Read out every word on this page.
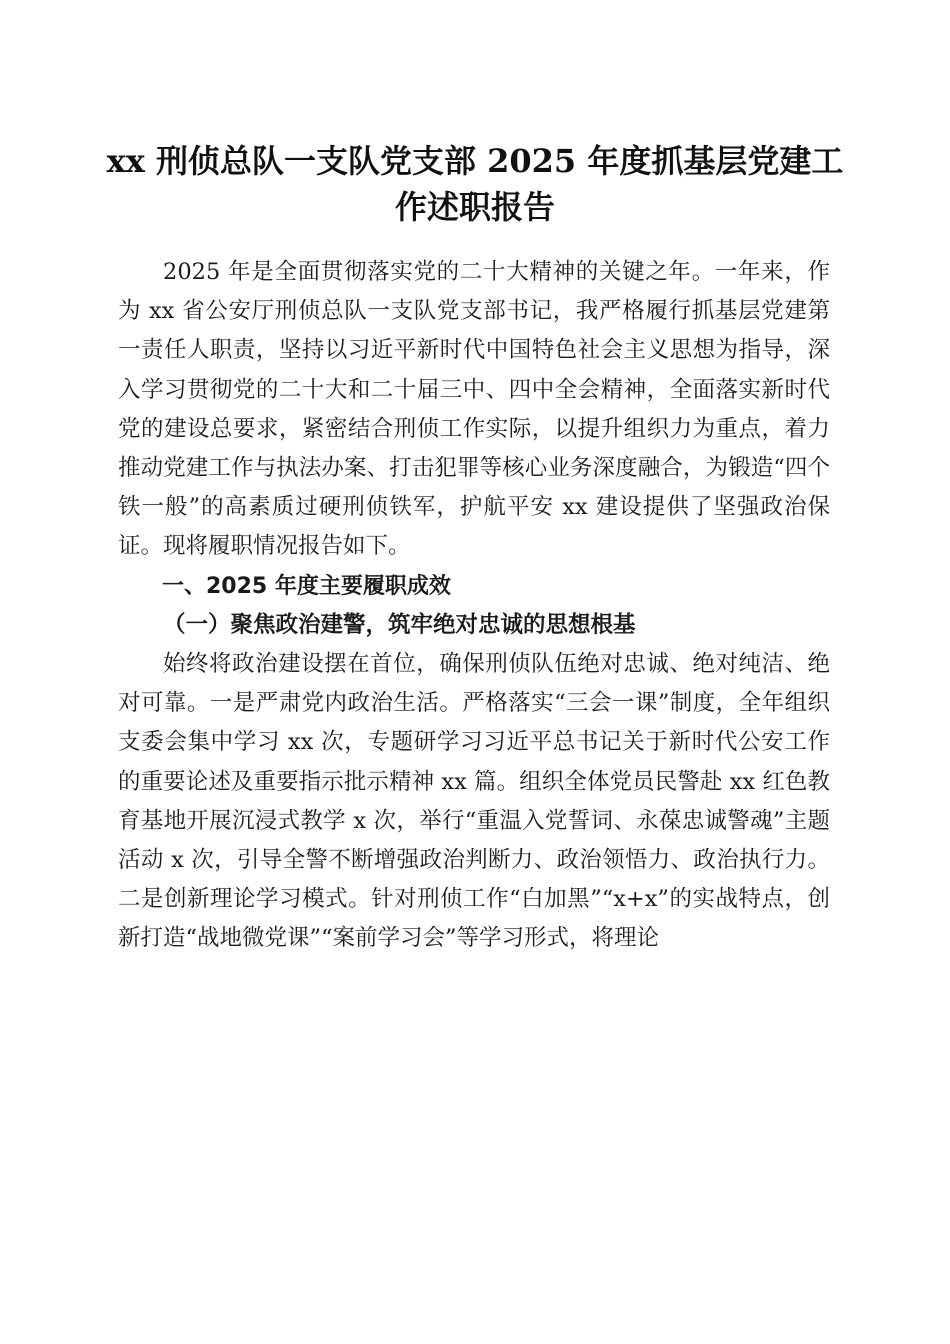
xx 刑侦总队一支队党支部 2025 年度抓基层党建工作述职报告

2025 年是全面贯彻落实党的二十大精神的关键之年。一年来，作为 xx 省公安厅刑侦总队一支队党支部书记，我严格履行抓基层党建第一责任人职责，坚持以习近平新时代中国特色社会主义思想为指导，深入学习贯彻党的二十大和二十届三中、四中全会精神，全面落实新时代党的建设总要求，紧密结合刑侦工作实际，以提升组织力为重点，着力推动党建工作与执法办案、打击犯罪等核心业务深度融合，为锻造“四个铁一般”的高素质过硬刑侦铁军，护航平安 xx 建设提供了坚强政治保证。现将履职情况报告如下。

一、2025 年度主要履职成效

（一）聚焦政治建警，筑牢绝对忠诚的思想根基

始终将政治建设摆在首位，确保刑侦队伍绝对忠诚、绝对纯洁、绝对可靠。一是严肃党内政治生活。严格落实“三会一课”制度，全年组织支委会集中学习 xx 次，专题研学习习近平总书记关于新时代公安工作的重要论述及重要指示批示精神 xx 篇。组织全体党员民警赴 xx 红色教育基地开展沉浸式教学 x 次，举行“重温入党誓词、永葆忠诚警魂”主题活动 x 次，引导全警不断增强政治判断力、政治领悟力、政治执行力。二是创新理论学习模式。针对刑侦工作“白加黑”“x+x”的实战特点，创新打造“战地微党课”“案前学习会”等学习形式，将理论
